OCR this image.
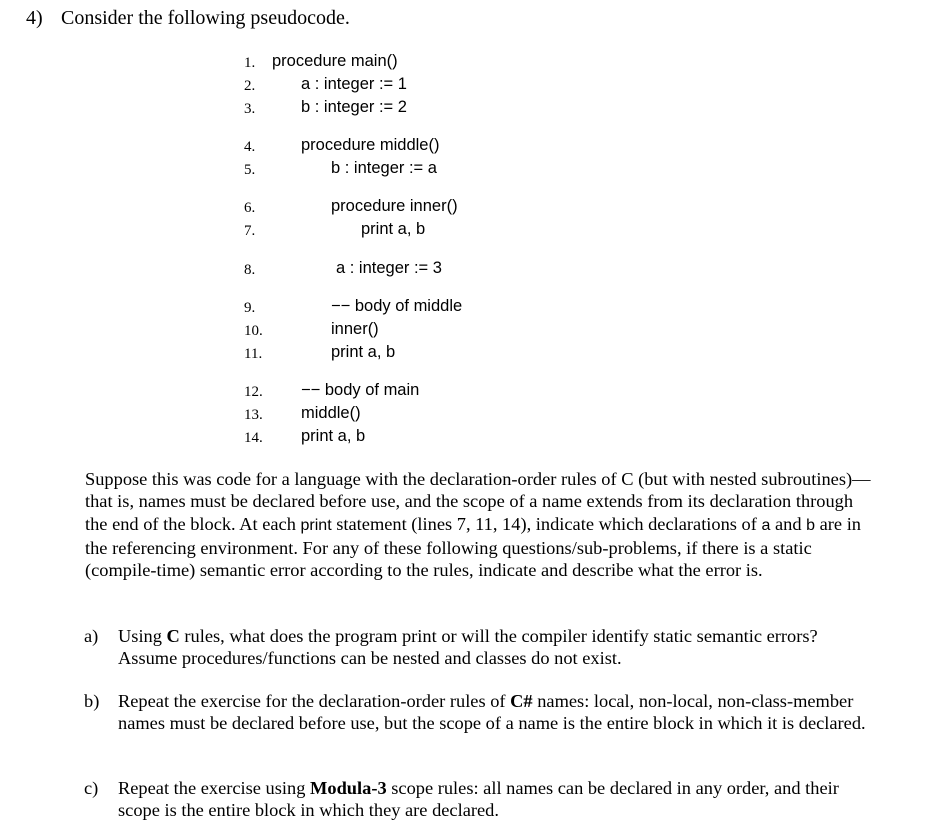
4) Consider the following pseudocode.
1. procedure main()
2.	a : integer := 1
3.	b : integer := 2
4.	procedure middle()
5.	b : integer := a
6.	procedure inner()
7.	print a, b
8.	a : integer := 3
9.	−− body of middle
10.	inner()
11.	print a, b
12. −− body of main
13. middle()
14. print a, b
Suppose this was code for a language with the declaration-order rules of C (but with nested subroutines)—that is, names must be declared before use, and the scope of a name extends from its declaration through the end of the block. At each print statement (lines 7, 11, 14), indicate which declarations of a and b are in the referencing environment. For any of these following questions/sub-problems, if there is a static (compile-time) semantic error according to the rules, indicate and describe what the error is.
a) Using C rules, what does the program print or will the compiler identify static semantic errors? Assume procedures/functions can be nested and classes do not exist.
b) Repeat the exercise for the declaration-order rules of C# names: local, non-local, non-class-member names must be declared before use, but the scope of a name is the entire block in which it is declared.
c) Repeat the exercise using Modula-3 scope rules: all names can be declared in any order, and their scope is the entire block in which they are declared.
